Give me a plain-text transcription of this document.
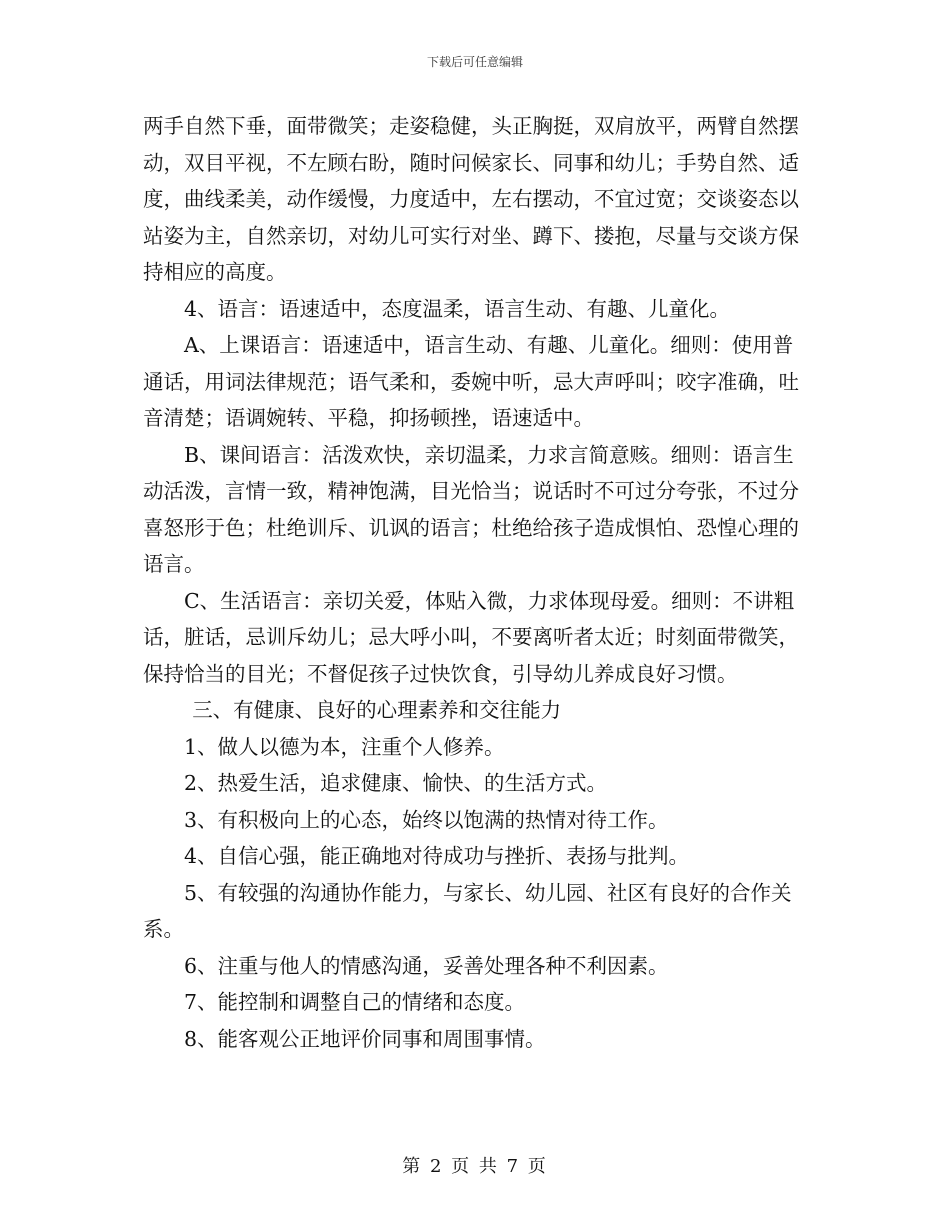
下载后可任意编辑

两手自然下垂，面带微笑；走姿稳健，头正胸挺，双肩放平，两臂自然摆动，双目平视，不左顾右盼，随时问候家长、同事和幼儿；手势自然、适度，曲线柔美，动作缓慢，力度适中，左右摆动，不宜过宽；交谈姿态以站姿为主，自然亲切，对幼儿可实行对坐、蹲下、搂抱，尽量与交谈方保持相应的高度。

4、语言：语速适中，态度温柔，语言生动、有趣、儿童化。

A、上课语言：语速适中，语言生动、有趣、儿童化。细则：使用普通话，用词法律规范；语气柔和，委婉中听，忌大声呼叫；咬字准确，吐音清楚；语调婉转、平稳，抑扬顿挫，语速适中。

B、课间语言：活泼欢快，亲切温柔，力求言简意赅。细则：语言生动活泼，言情一致，精神饱满，目光恰当；说话时不可过分夸张，不过分喜怒形于色；杜绝训斥、讥讽的语言；杜绝给孩子造成惧怕、恐惶心理的语言。

C、生活语言：亲切关爱，体贴入微，力求体现母爱。细则：不讲粗话，脏话，忌训斥幼儿；忌大呼小叫，不要离听者太近；时刻面带微笑，保持恰当的目光；不督促孩子过快饮食，引导幼儿养成良好习惯。

三、有健康、良好的心理素养和交往能力

1、做人以德为本，注重个人修养。

2、热爱生活，追求健康、愉快、的生活方式。

3、有积极向上的心态，始终以饱满的热情对待工作。

4、自信心强，能正确地对待成功与挫折、表扬与批判。

5、有较强的沟通协作能力，与家长、幼儿园、社区有良好的合作关系。

6、注重与他人的情感沟通，妥善处理各种不利因素。

7、能控制和调整自己的情绪和态度。

8、能客观公正地评价同事和周围事情。

第 2 页 共 7 页
